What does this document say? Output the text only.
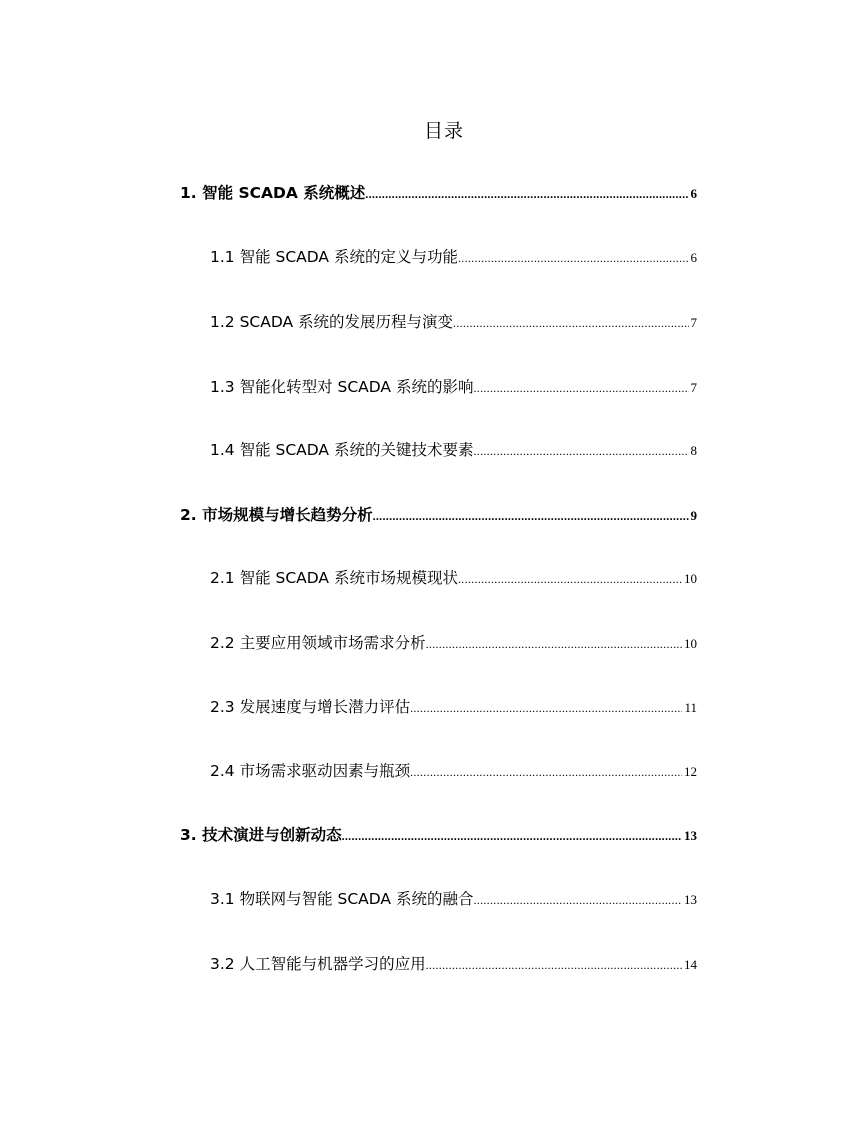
目录
1. 智能 SCADA 系统概述 .....	6
1.1 智能 SCADA 系统的定义与功能 .....	6
1.2 SCADA 系统的发展历程与演变 .....	7
1.3 智能化转型对 SCADA 系统的影响 .....	7
1.4 智能 SCADA 系统的关键技术要素 .....	8
2. 市场规模与增长趋势分析 .....	9
2.1 智能 SCADA 系统市场规模现状 .....	10
2.2 主要应用领域市场需求分析 .....	10
2.3 发展速度与增长潜力评估 .....	11
2.4 市场需求驱动因素与瓶颈 .....	12
3. 技术演进与创新动态 .....	13
3.1 物联网与智能 SCADA 系统的融合 .....	13
3.2 人工智能与机器学习的应用 .....	14
